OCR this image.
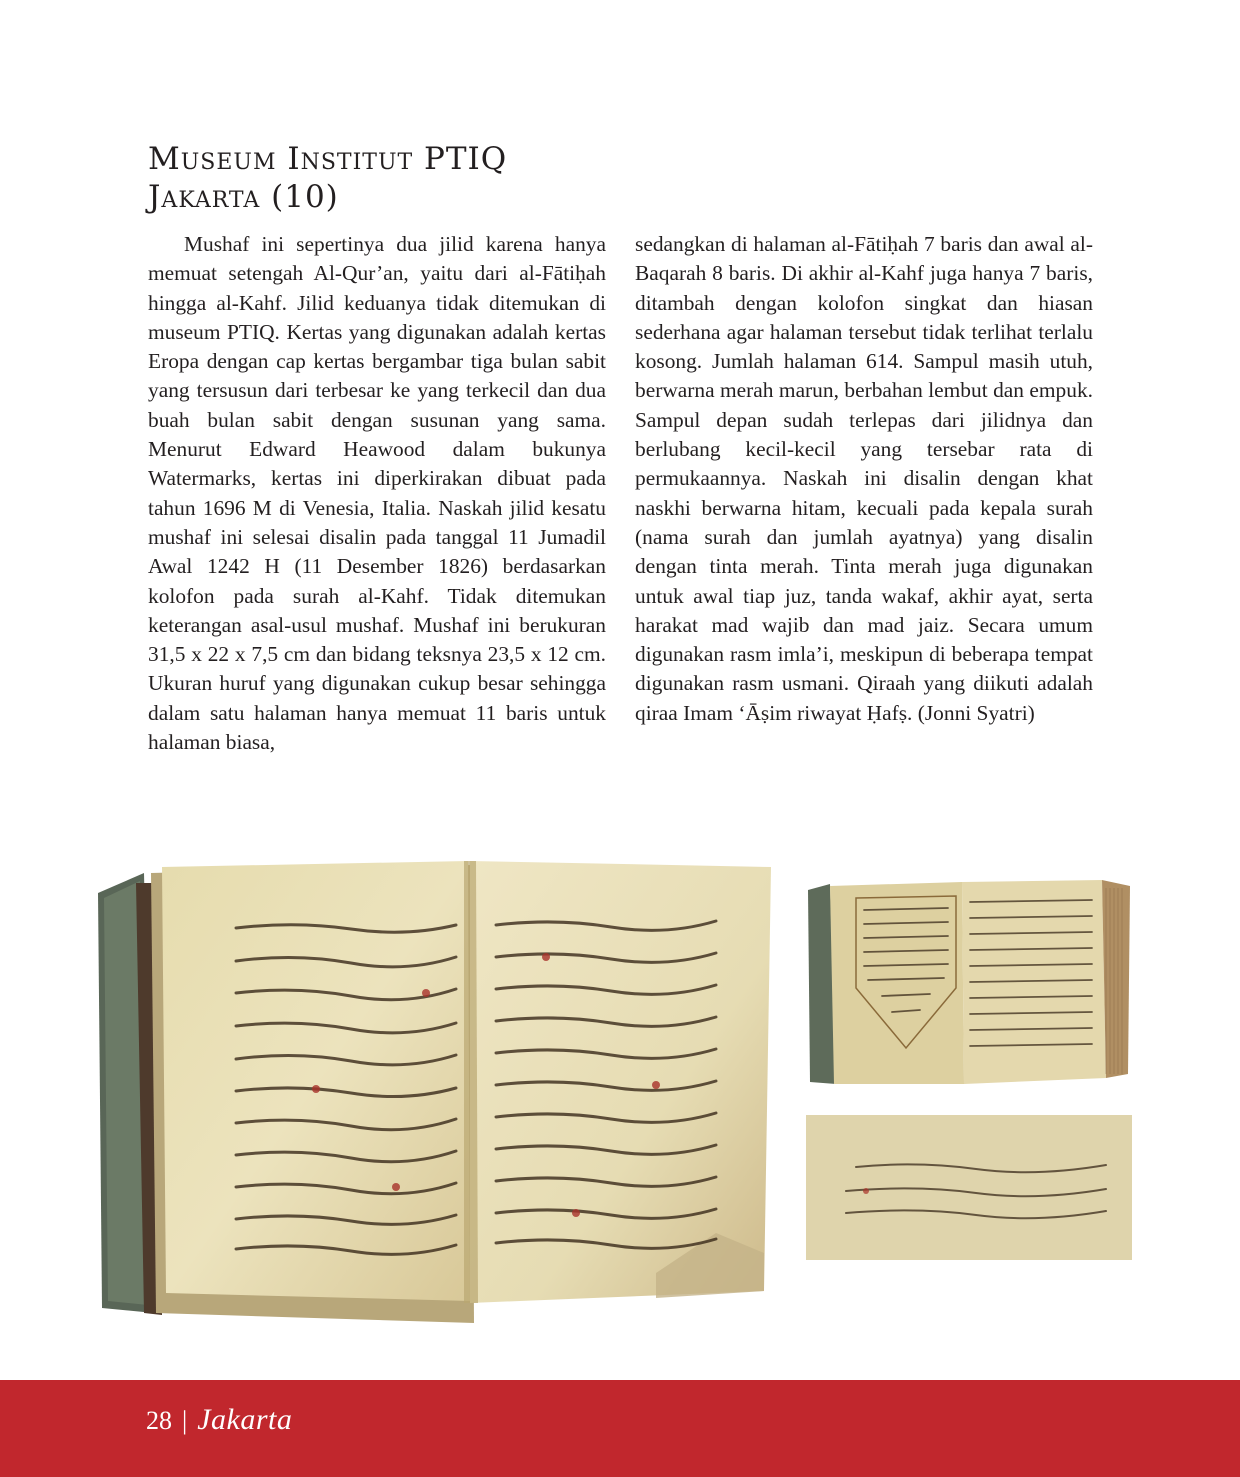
Museum Institut PTIQ
Jakarta (10)

Mushaf ini sepertinya dua jilid karena hanya memuat setengah Al-Qur’an, yaitu dari al-Fātiḥah hingga al-Kahf. Jilid keduanya tidak ditemukan di museum PTIQ. Kertas yang digunakan adalah kertas Eropa dengan cap kertas bergambar tiga bulan sabit yang tersusun dari terbesar ke yang terkecil dan dua buah bulan sabit dengan susunan yang sama. Menurut Edward Heawood dalam bukunya Watermarks, kertas ini diperkirakan dibuat pada tahun 1696 M di Venesia, Italia. Naskah jilid kesatu mushaf ini selesai disalin pada tanggal 11 Jumadil Awal 1242 H (11 Desember 1826) berdasarkan kolofon pada surah al-Kahf. Tidak ditemukan keterangan asal-usul mushaf. Mushaf ini berukuran 31,5 x 22 x 7,5 cm dan bidang teksnya 23,5 x 12 cm. Ukuran huruf yang digunakan cukup besar sehingga dalam satu halaman hanya memuat 11 baris untuk halaman biasa,

sedangkan di halaman al-Fātiḥah 7 baris dan awal al-Baqarah 8 baris. Di akhir al-Kahf juga hanya 7 baris, ditambah dengan kolofon singkat dan hiasan sederhana agar halaman tersebut tidak terlihat terlalu kosong. Jumlah halaman 614. Sampul masih utuh, berwarna merah marun, berbahan lembut dan empuk. Sampul depan sudah terlepas dari jilidnya dan berlubang kecil-kecil yang tersebar rata di permukaannya. Naskah ini disalin dengan khat naskhi berwarna hitam, kecuali pada kepala surah (nama surah dan jumlah ayatnya) yang disalin dengan tinta merah. Tinta merah juga digunakan untuk awal tiap juz, tanda wakaf, akhir ayat, serta harakat mad wajib dan mad jaiz. Secara umum digunakan rasm imla’i, meskipun di beberapa tempat digunakan rasm usmani. Qiraah yang diikuti adalah qiraa Imam ‘Āṣim riwayat Ḥafṣ. (Jonni Syatri)

28 | Jakarta
